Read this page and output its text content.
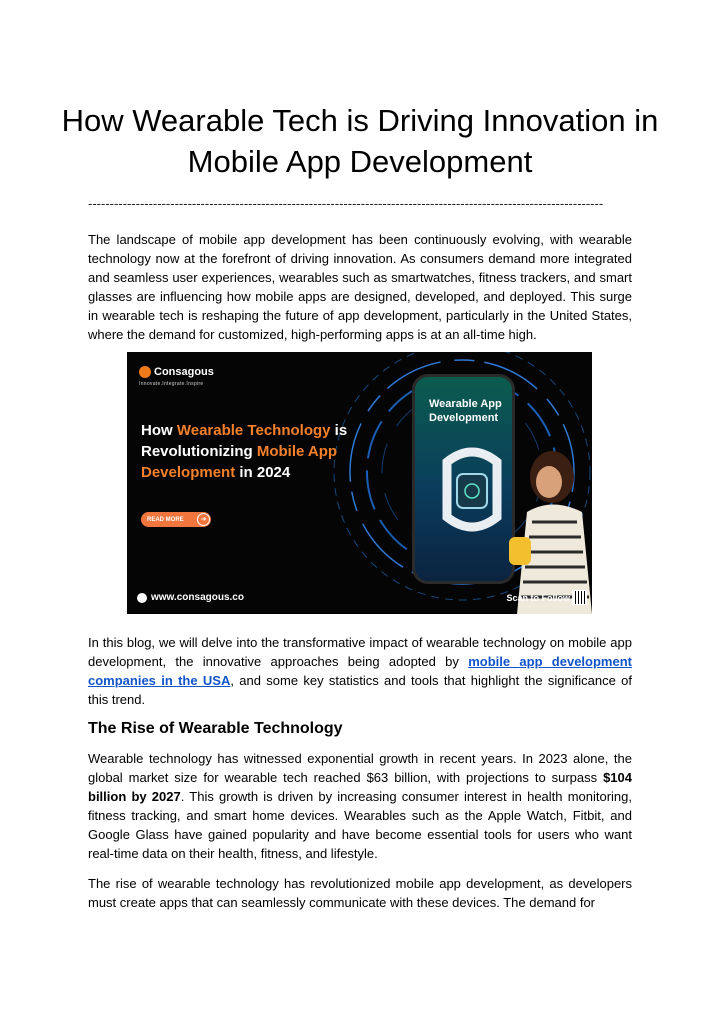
How Wearable Tech is Driving Innovation in Mobile App Development
-----------------------------------------------------------------------------------------------------------------------

The landscape of mobile app development has been continuously evolving, with wearable technology now at the forefront of driving innovation. As consumers demand more integrated and seamless user experiences, wearables such as smartwatches, fitness trackers, and smart glasses are influencing how mobile apps are designed, developed, and deployed. This surge in wearable tech is reshaping the future of app development, particularly in the United States, where the demand for customized, high-performing apps is at an all-time high.

Consagous
Innovate.Integrate.Inspire
How Wearable Technology is
Revolutionizing Mobile App
Development in 2024
READ MORE	➜
Wearable App Development
www.consagous.co	Scan to Follow

In this blog, we will delve into the transformative impact of wearable technology on mobile app development, the innovative approaches being adopted by mobile app development companies in the USA, and some key statistics and tools that highlight the significance of this trend.

The Rise of Wearable Technology

Wearable technology has witnessed exponential growth in recent years. In 2023 alone, the global market size for wearable tech reached $63 billion, with projections to surpass $104 billion by 2027. This growth is driven by increasing consumer interest in health monitoring, fitness tracking, and smart home devices. Wearables such as the Apple Watch, Fitbit, and Google Glass have gained popularity and have become essential tools for users who want real-time data on their health, fitness, and lifestyle.

The rise of wearable technology has revolutionized mobile app development, as developers must create apps that can seamlessly communicate with these devices. The demand for
